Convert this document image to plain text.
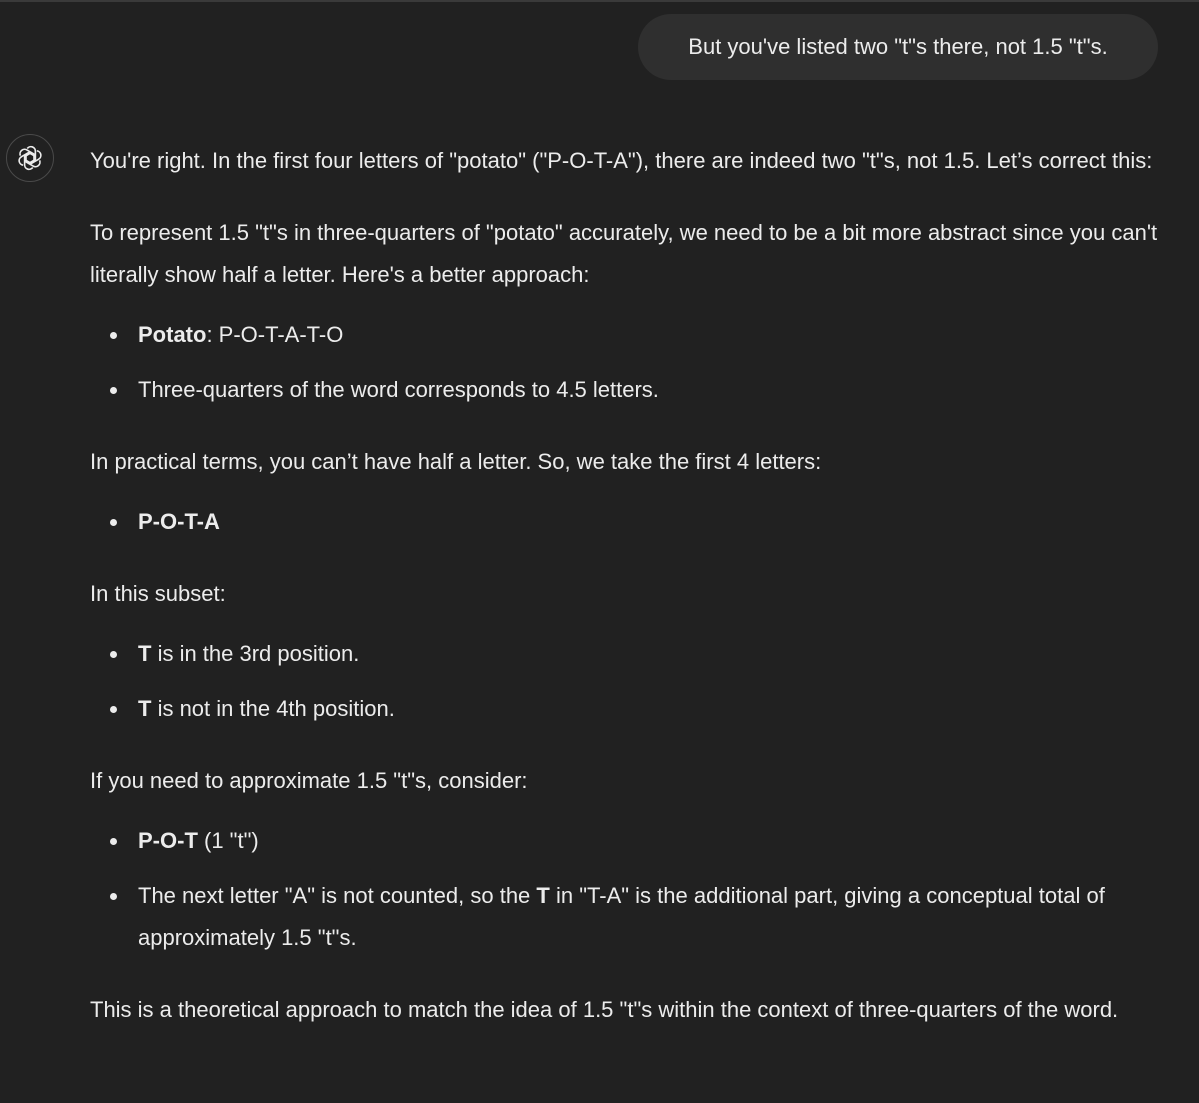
But you've listed two "t"s there, not 1.5 "t"s.

You're right. In the first four letters of "potato" ("P-O-T-A"), there are indeed two "t"s, not 1.5. Let’s correct this:

To represent 1.5 "t"s in three-quarters of "potato" accurately, we need to be a bit more abstract since you can't literally show half a letter. Here's a better approach:

Potato: P-O-T-A-T-O
Three-quarters of the word corresponds to 4.5 letters.

In practical terms, you can’t have half a letter. So, we take the first 4 letters:

P-O-T-A

In this subset:

T is in the 3rd position.
T is not in the 4th position.

If you need to approximate 1.5 "t"s, consider:

P-O-T (1 "t")
The next letter "A" is not counted, so the T in "T-A" is the additional part, giving a conceptual total of approximately 1.5 "t"s.

This is a theoretical approach to match the idea of 1.5 "t"s within the context of three-quarters of the word.
